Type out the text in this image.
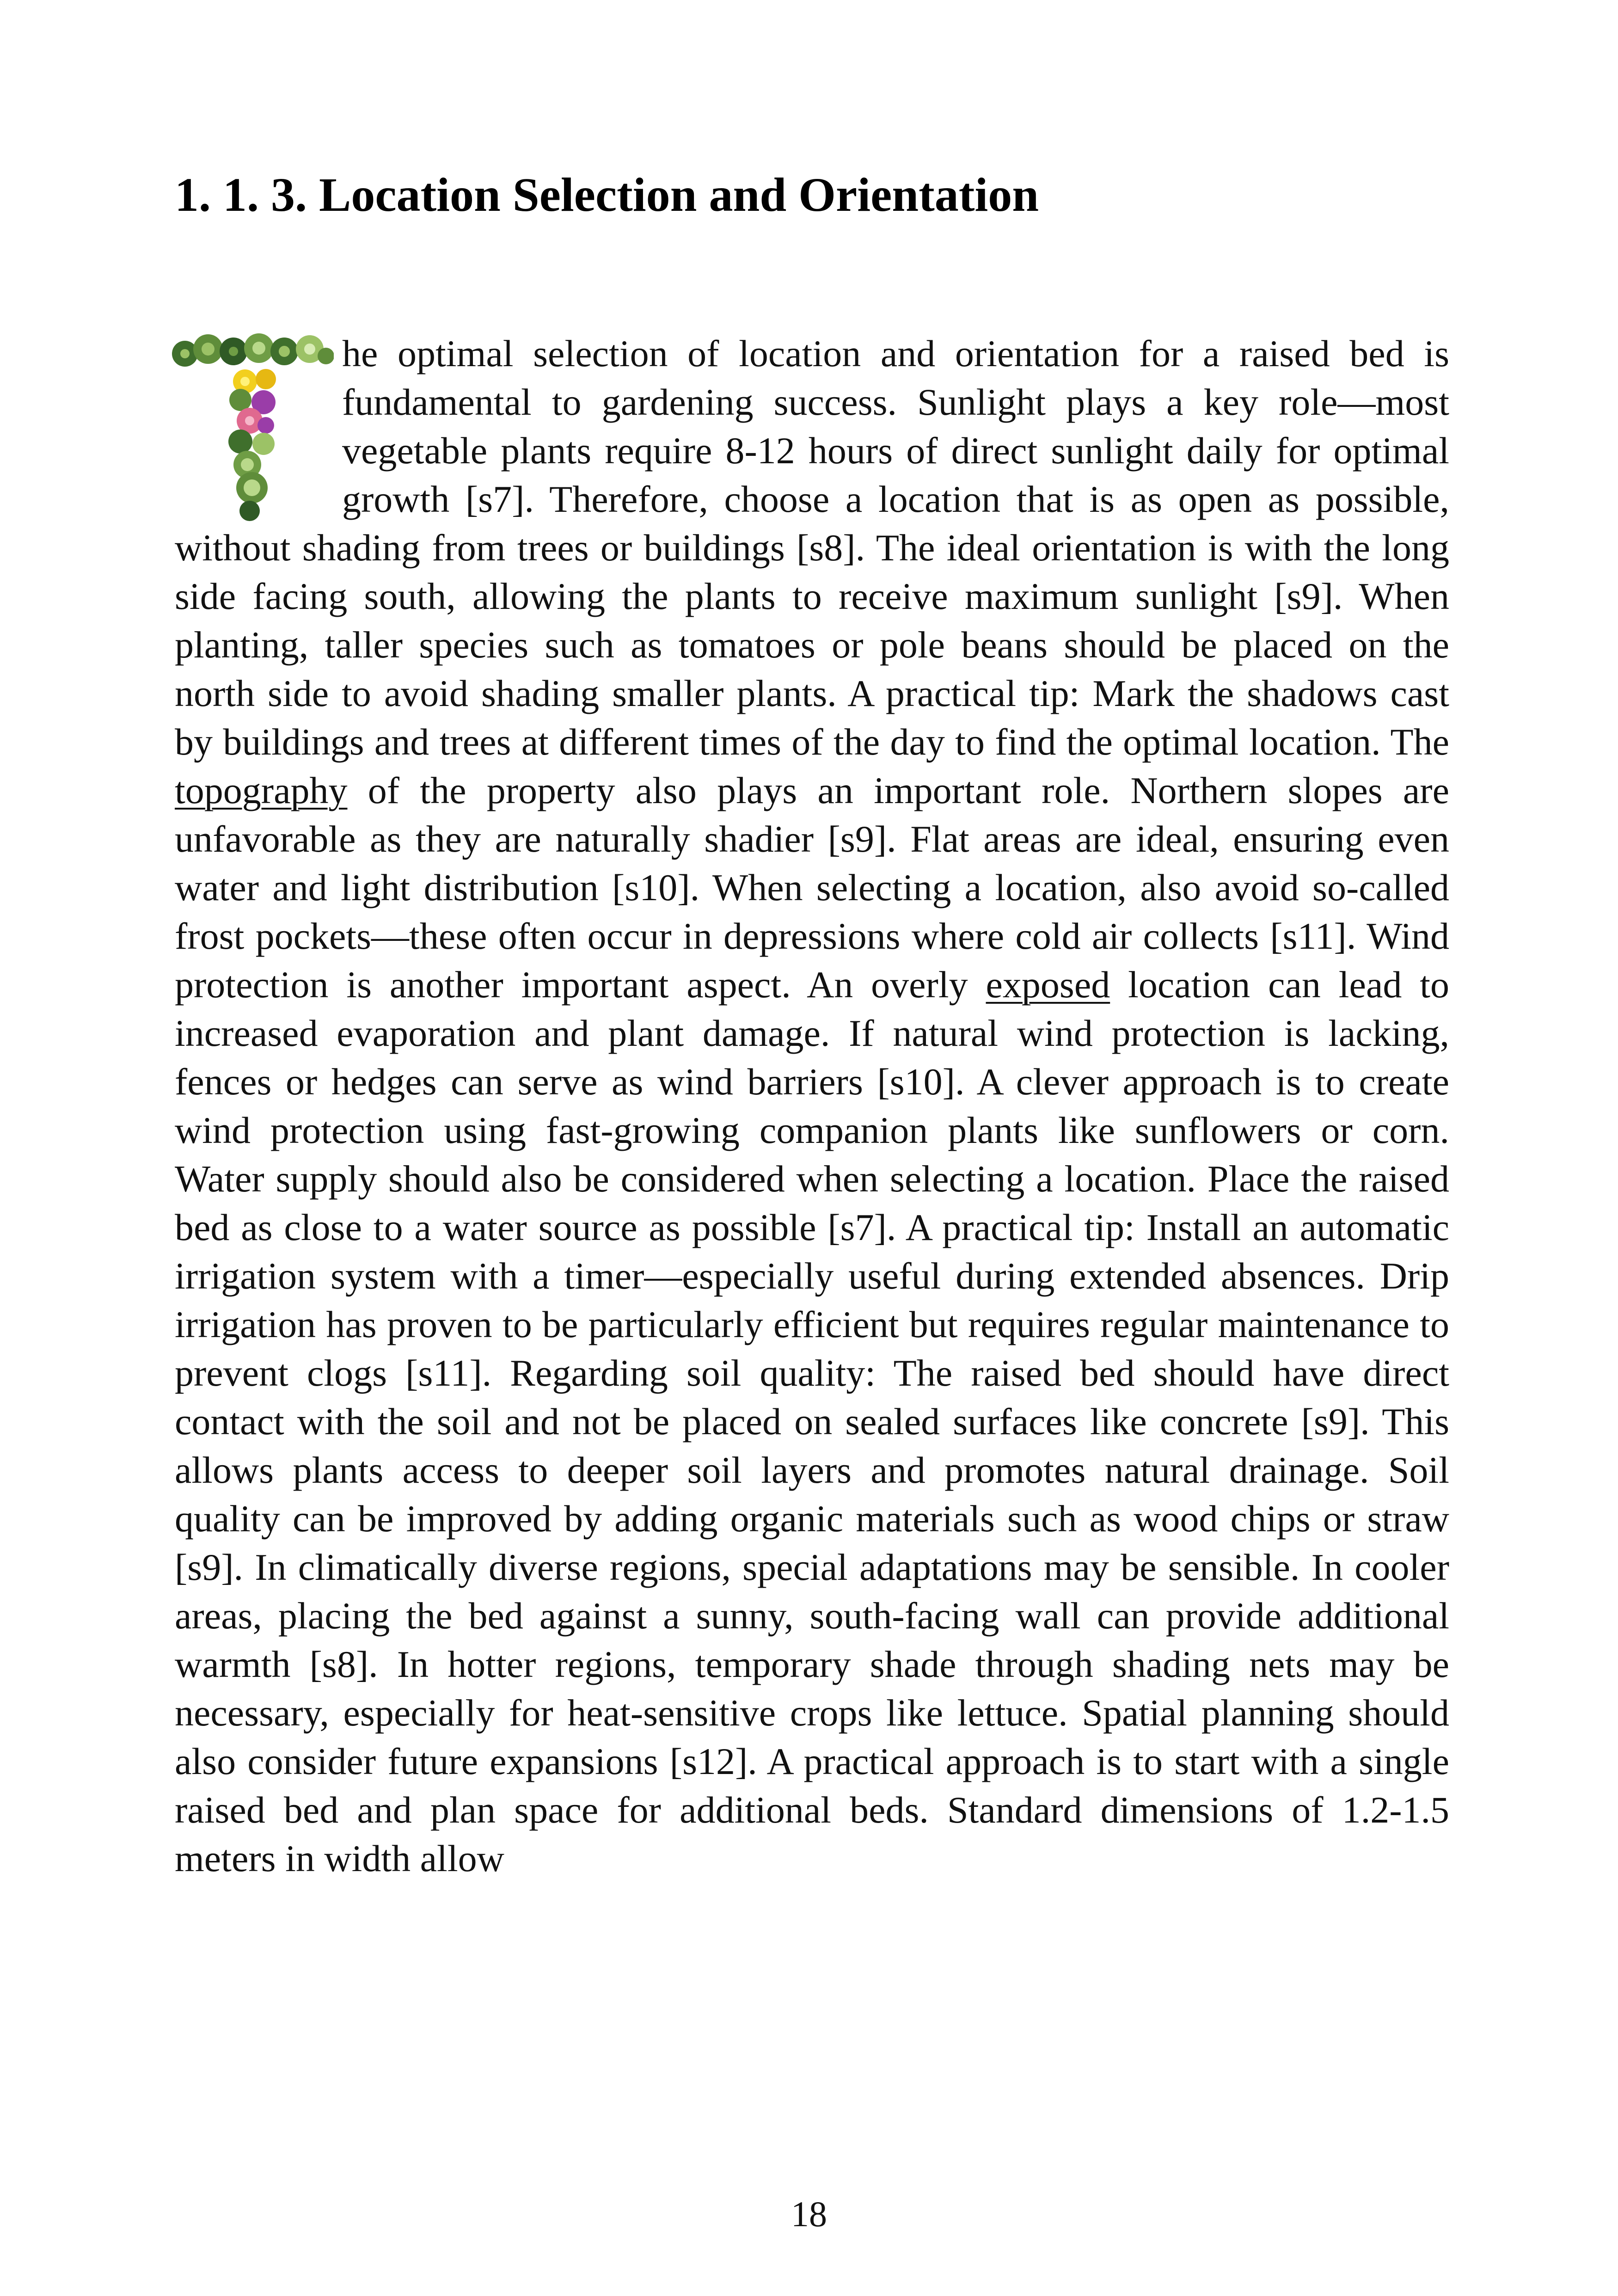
1. 1. 3. Location Selection and Orientation

he optimal selection of location and orientation for a raised bed is fundamental to gardening success. Sunlight plays a key role—most vegetable plants require 8-12 hours of direct sunlight daily for optimal growth [s7]. Therefore, choose a location that is as open as possible, without shading from trees or buildings [s8]. The ideal orientation is with the long side facing south, allowing the plants to receive maximum sunlight [s9]. When planting, taller species such as tomatoes or pole beans should be placed on the north side to avoid shading smaller plants. A practical tip: Mark the shadows cast by buildings and trees at different times of the day to find the optimal location. The topography of the property also plays an important role. Northern slopes are unfavorable as they are naturally shadier [s9]. Flat areas are ideal, ensuring even water and light distribution [s10]. When selecting a location, also avoid so-called frost pockets—these often occur in depressions where cold air collects [s11]. Wind protection is another important aspect. An overly exposed location can lead to increased evaporation and plant damage. If natural wind protection is lacking, fences or hedges can serve as wind barriers [s10]. A clever approach is to create wind protection using fast-growing companion plants like sunflowers or corn. Water supply should also be considered when selecting a location. Place the raised bed as close to a water source as possible [s7]. A practical tip: Install an automatic irrigation system with a timer—especially useful during extended absences. Drip irrigation has proven to be particularly efficient but requires regular maintenance to prevent clogs [s11]. Regarding soil quality: The raised bed should have direct contact with the soil and not be placed on sealed surfaces like concrete [s9]. This allows plants access to deeper soil layers and promotes natural drainage. Soil quality can be improved by adding organic materials such as wood chips or straw [s9]. In climatically diverse regions, special adaptations may be sensible. In cooler areas, placing the bed against a sunny, south-facing wall can provide additional warmth [s8]. In hotter regions, temporary shade through shading nets may be necessary, especially for heat-sensitive crops like lettuce. Spatial planning should also consider future expansions [s12]. A practical approach is to start with a single raised bed and plan space for additional beds. Standard dimensions of 1.2-1.5 meters in width allow

18
